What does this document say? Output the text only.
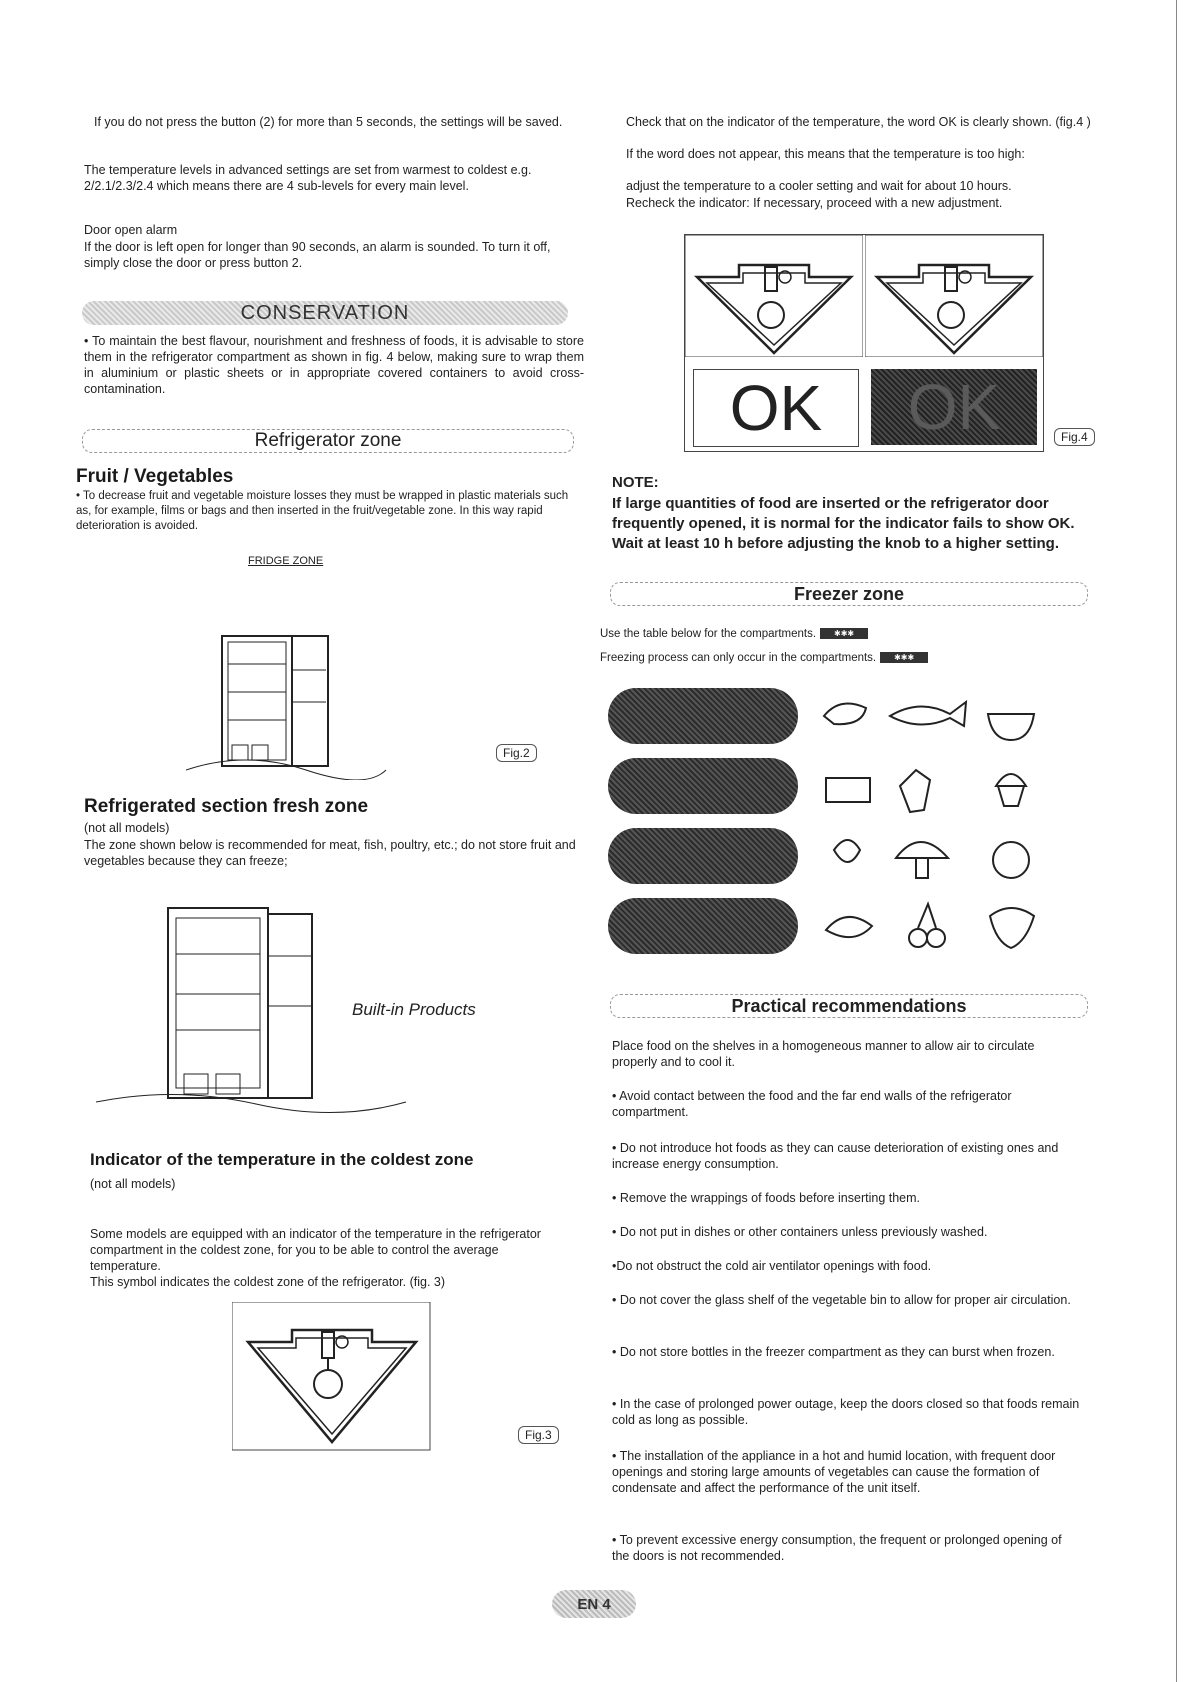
If you do not press the button (2) for more than 5 seconds, the settings will be saved.

The temperature levels in advanced settings are set from warmest to coldest e.g. 2/2.1/2.3/2.4 which means there are 4 sub-levels for every main level.

Door open alarm

If the door is left open for longer than 90 seconds, an alarm is sounded. To turn it off, simply close the door or press button 2.

CONSERVATION

• To maintain the best flavour, nourishment and freshness of foods, it is advisable to store them in the refrigerator compartment as shown in fig. 4 below, making sure to wrap them in aluminium or plastic sheets or in appropriate covered containers to avoid cross-contamination.

Refrigerator zone
Fruit / Vegetables

• To decrease fruit and vegetable moisture losses they must be wrapped in plastic materials such as, for example, films or bags and then inserted in the fruit/vegetable zone. In this way rapid deterioration is avoided.

FRIDGE ZONE

Fig.2
Refrigerated section fresh zone

(not all models)

The zone shown below is recommended for meat, fish, poultry, etc.; do not store fruit and vegetables because they can freeze;

Built-in Products

Indicator of the temperature in the coldest zone

(not all models)

Some models are equipped with an indicator of the temperature in the refrigerator compartment in the coldest zone, for you to be able to control the average temperature.

This symbol indicates the coldest zone of the refrigerator. (fig. 3)

Fig.3

Check that on the indicator of the temperature, the word OK is clearly shown. (fig.4 )

If the word does not appear, this means that the temperature is too high:

adjust the temperature to a cooler setting and wait for about 10 hours.

Recheck the indicator: If necessary, proceed with a new adjustment.

OK OK	Fig.4

NOTE:

If large quantities of food are inserted or the refrigerator door frequently opened, it is normal for the indicator fails to show OK. Wait at least 10 h before adjusting the knob to a higher setting.

Freezer zone

Use the table below for the compartments. ✱✱✱

Freezing process can only occur in the compartments. ✱✱✱

Practical recommendations

Place food on the shelves in a homogeneous manner to allow air to circulate properly and to cool it.

• Avoid contact between the food and the far end walls of the refrigerator compartment.

• Do not introduce hot foods as they can cause deterioration of existing ones and increase energy consumption.

• Remove the wrappings of foods before inserting them.

• Do not put in dishes or other containers unless previously washed.

•Do not obstruct the cold air ventilator openings with food.

• Do not cover the glass shelf of the vegetable bin to allow for proper air circulation.

• Do not store bottles in the freezer compartment as they can burst when frozen.

• In the case of prolonged power outage, keep the doors closed so that foods remain cold as long as possible.

• The installation of the appliance in a hot and humid location, with frequent door openings and storing large amounts of vegetables can cause the formation of condensate and affect the performance of the unit itself.

• To prevent excessive energy consumption, the frequent or prolonged opening of the doors is not recommended.

EN 4
